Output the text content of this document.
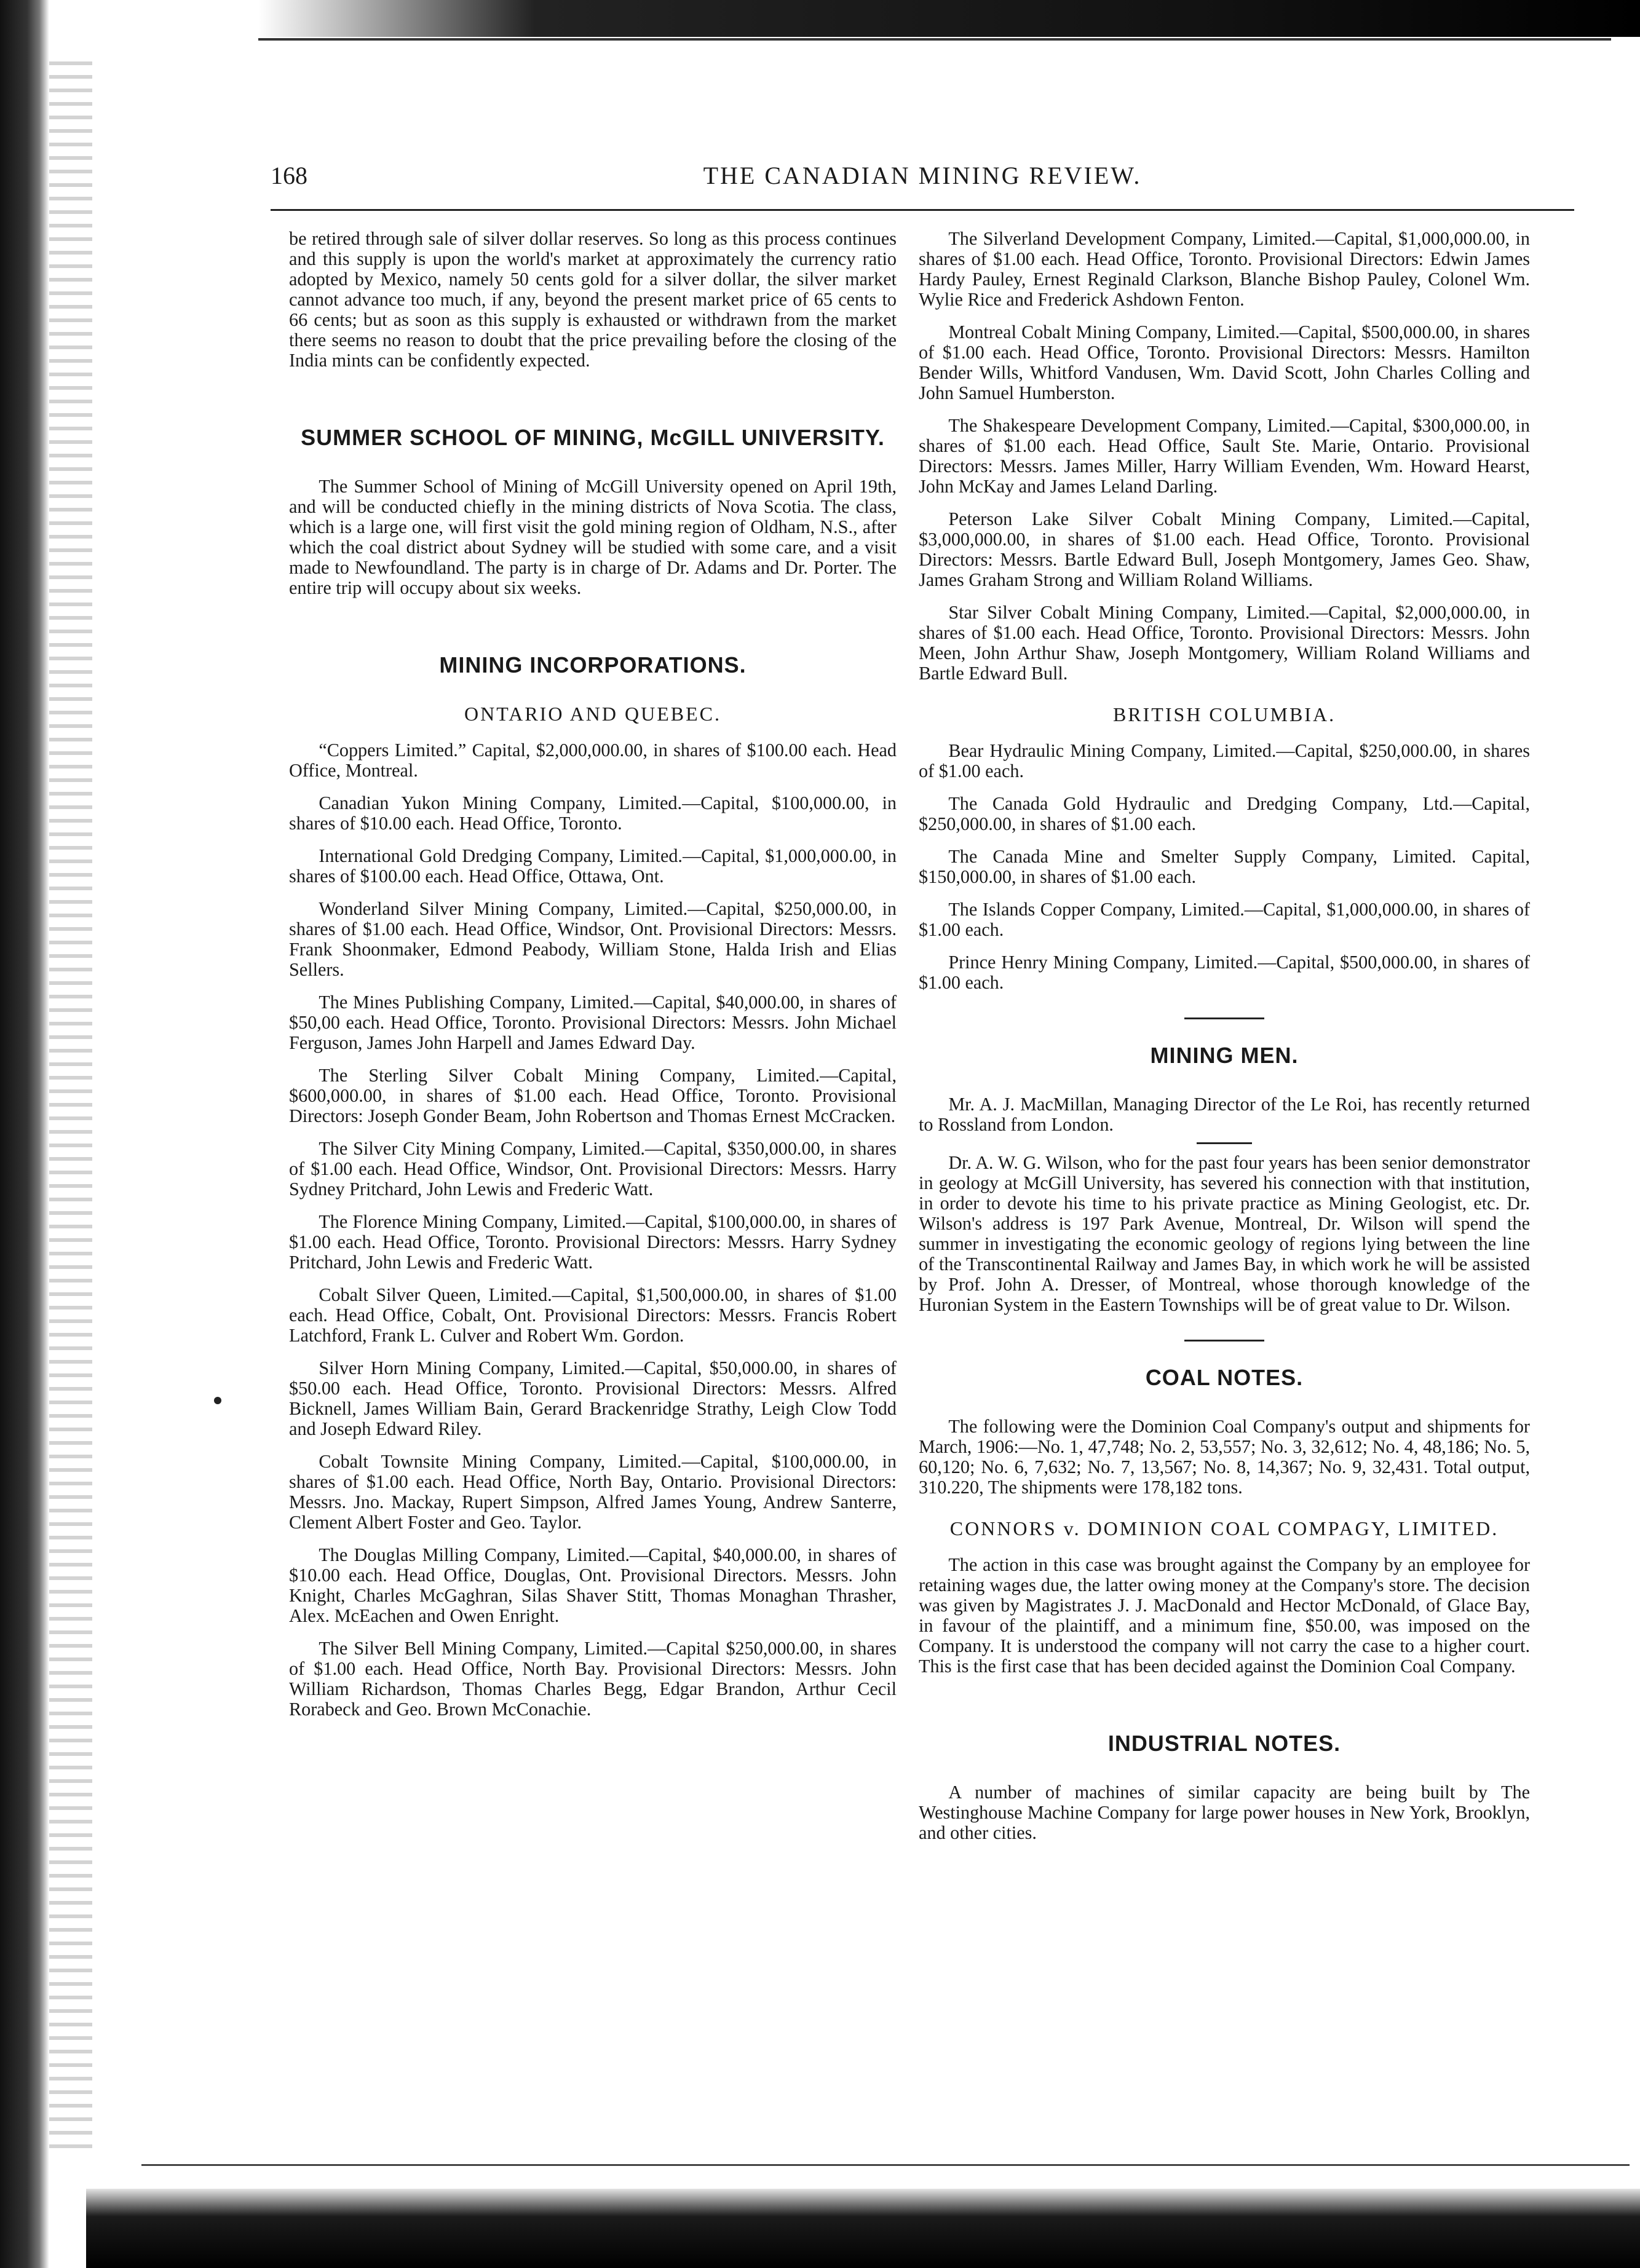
168	THE CANADIAN MINING REVIEW.

be retired through sale of silver dollar reserves. So long as this process continues and this supply is upon the world's market at approximately the currency ratio adopted by Mexico, namely 50 cents gold for a silver dollar, the silver market cannot advance too much, if any, beyond the present market price of 65 cents to 66 cents; but as soon as this supply is exhausted or withdrawn from the market there seems no reason to doubt that the price prevailing before the closing of the India mints can be confidently expected.

SUMMER SCHOOL OF MINING, McGILL UNIVERSITY.

The Summer School of Mining of McGill University opened on April 19th, and will be conducted chiefly in the mining districts of Nova Scotia. The class, which is a large one, will first visit the gold mining region of Oldham, N.S., after which the coal district about Sydney will be studied with some care, and a visit made to Newfoundland. The party is in charge of Dr. Adams and Dr. Porter. The entire trip will occupy about six weeks.

MINING INCORPORATIONS.
ONTARIO AND QUEBEC.

“Coppers Limited.” Capital, $2,000,000.00, in shares of $100.00 each. Head Office, Montreal.

Canadian Yukon Mining Company, Limited.—Capital, $100,000.00, in shares of $10.00 each. Head Office, Toronto.

International Gold Dredging Company, Limited.—Capital, $1,000,000.00, in shares of $100.00 each. Head Office, Ottawa, Ont.

Wonderland Silver Mining Company, Limited.—Capital, $250,000.00, in shares of $1.00 each. Head Office, Windsor, Ont. Provisional Directors: Messrs. Frank Shoonmaker, Edmond Peabody, William Stone, Halda Irish and Elias Sellers.

The Mines Publishing Company, Limited.—Capital, $40,000.00, in shares of $50,00 each. Head Office, Toronto. Provisional Directors: Messrs. John Michael Ferguson, James John Harpell and James Edward Day.

The Sterling Silver Cobalt Mining Company, Limited.—Capital, $600,000.00, in shares of $1.00 each. Head Office, Toronto. Provisional Directors: Joseph Gonder Beam, John Robertson and Thomas Ernest McCracken.

The Silver City Mining Company, Limited.—Capital, $350,000.00, in shares of $1.00 each. Head Office, Windsor, Ont. Provisional Directors: Messrs. Harry Sydney Pritchard, John Lewis and Frederic Watt.

The Florence Mining Company, Limited.—Capital, $100,000.00, in shares of $1.00 each. Head Office, Toronto. Provisional Directors: Messrs. Harry Sydney Pritchard, John Lewis and Frederic Watt.

Cobalt Silver Queen, Limited.—Capital, $1,500,000.00, in shares of $1.00 each. Head Office, Cobalt, Ont. Provisional Directors: Messrs. Francis Robert Latchford, Frank L. Culver and Robert Wm. Gordon.

Silver Horn Mining Company, Limited.—Capital, $50,000.00, in shares of $50.00 each. Head Office, Toronto. Provisional Directors: Messrs. Alfred Bicknell, James William Bain, Gerard Brackenridge Strathy, Leigh Clow Todd and Joseph Edward Riley.

Cobalt Townsite Mining Company, Limited.—Capital, $100,000.00, in shares of $1.00 each. Head Office, North Bay, Ontario. Provisional Directors: Messrs. Jno. Mackay, Rupert Simpson, Alfred James Young, Andrew Santerre, Clement Albert Foster and Geo. Taylor.

The Douglas Milling Company, Limited.—Capital, $40,000.00, in shares of $10.00 each. Head Office, Douglas, Ont. Provisional Directors. Messrs. John Knight, Charles McGaghran, Silas Shaver Stitt, Thomas Monaghan Thrasher, Alex. McEachen and Owen Enright.

The Silver Bell Mining Company, Limited.—Capital $250,000.00, in shares of $1.00 each. Head Office, North Bay. Provisional Directors: Messrs. John William Richardson, Thomas Charles Begg, Edgar Brandon, Arthur Cecil Rorabeck and Geo. Brown McConachie.

The Silverland Development Company, Limited.—Capital, $1,000,000.00, in shares of $1.00 each. Head Office, Toronto. Provisional Directors: Edwin James Hardy Pauley, Ernest Reginald Clarkson, Blanche Bishop Pauley, Colonel Wm. Wylie Rice and Frederick Ashdown Fenton.

Montreal Cobalt Mining Company, Limited.—Capital, $500,000.00, in shares of $1.00 each. Head Office, Toronto. Provisional Directors: Messrs. Hamilton Bender Wills, Whitford Vandusen, Wm. David Scott, John Charles Colling and John Samuel Humberston.

The Shakespeare Development Company, Limited.—Capital, $300,000.00, in shares of $1.00 each. Head Office, Sault Ste. Marie, Ontario. Provisional Directors: Messrs. James Miller, Harry William Evenden, Wm. Howard Hearst, John McKay and James Leland Darling.

Peterson Lake Silver Cobalt Mining Company, Limited.—Capital, $3,000,000.00, in shares of $1.00 each. Head Office, Toronto. Provisional Directors: Messrs. Bartle Edward Bull, Joseph Montgomery, James Geo. Shaw, James Graham Strong and William Roland Williams.

Star Silver Cobalt Mining Company, Limited.—Capital, $2,000,000.00, in shares of $1.00 each. Head Office, Toronto. Provisional Directors: Messrs. John Meen, John Arthur Shaw, Joseph Montgomery, William Roland Williams and Bartle Edward Bull.

BRITISH COLUMBIA.

Bear Hydraulic Mining Company, Limited.—Capital, $250,000.00, in shares of $1.00 each.

The Canada Gold Hydraulic and Dredging Company, Ltd.—Capital, $250,000.00, in shares of $1.00 each.

The Canada Mine and Smelter Supply Company, Limited. Capital, $150,000.00, in shares of $1.00 each.

The Islands Copper Company, Limited.—Capital, $1,000,000.00, in shares of $1.00 each.

Prince Henry Mining Company, Limited.—Capital, $500,000.00, in shares of $1.00 each.

MINING MEN.

Mr. A. J. MacMillan, Managing Director of the Le Roi, has recently returned to Rossland from London.

Dr. A. W. G. Wilson, who for the past four years has been senior demonstrator in geology at McGill University, has severed his connection with that institution, in order to devote his time to his private practice as Mining Geologist, etc. Dr. Wilson's address is 197 Park Avenue, Montreal, Dr. Wilson will spend the summer in investigating the economic geology of regions lying between the line of the Transcontinental Railway and James Bay, in which work he will be assisted by Prof. John A. Dresser, of Montreal, whose thorough knowledge of the Huronian System in the Eastern Townships will be of great value to Dr. Wilson.

COAL NOTES.

The following were the Dominion Coal Company's output and shipments for March, 1906:—No. 1, 47,748; No. 2, 53,557; No. 3, 32,612; No. 4, 48,186; No. 5, 60,120; No. 6, 7,632; No. 7, 13,567; No. 8, 14,367; No. 9, 32,431. Total output, 310.220, The shipments were 178,182 tons.

CONNORS v. DOMINION COAL COMPAGY, LIMITED.

The action in this case was brought against the Company by an employee for retaining wages due, the latter owing money at the Company's store. The decision was given by Magistrates J. J. MacDonald and Hector McDonald, of Glace Bay, in favour of the plaintiff, and a minimum fine, $50.00, was imposed on the Company. It is understood the company will not carry the case to a higher court. This is the first case that has been decided against the Dominion Coal Company.

INDUSTRIAL NOTES.

A number of machines of similar capacity are being built by The Westinghouse Machine Company for large power houses in New York, Brooklyn, and other cities.
